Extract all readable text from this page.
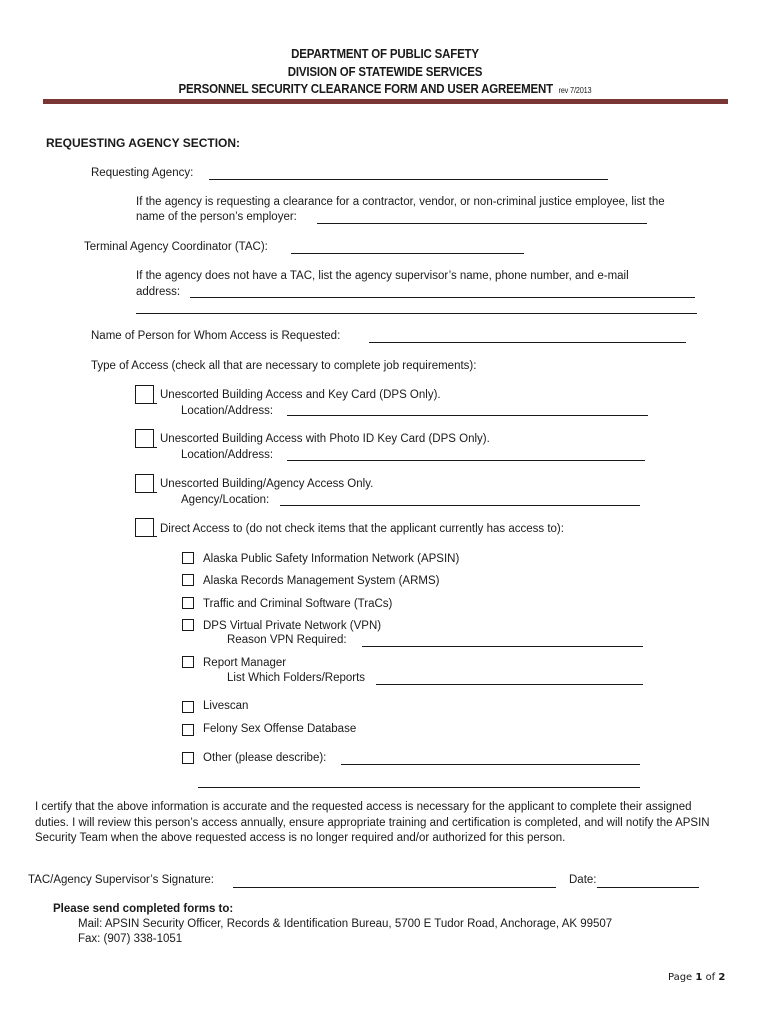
DEPARTMENT OF PUBLIC SAFETY
DIVISION OF STATEWIDE SERVICES
PERSONNEL SECURITY CLEARANCE FORM AND USER AGREEMENT rev 7/2013
REQUESTING AGENCY SECTION:
Requesting Agency:
If the agency is requesting a clearance for a contractor, vendor, or non-criminal justice employee, list the
name of the person’s employer:
Terminal Agency Coordinator (TAC):
If the agency does not have a TAC, list the agency supervisor’s name, phone number, and e-mail
address:
Name of Person for Whom Access is Requested:
Type of Access (check all that are necessary to complete job requirements):
Unescorted Building Access and Key Card (DPS Only).
Location/Address:
Unescorted Building Access with Photo ID Key Card (DPS Only).
Location/Address:
Unescorted Building/Agency Access Only.
Agency/Location:
Direct Access to (do not check items that the applicant currently has access to):
Alaska Public Safety Information Network (APSIN)
Alaska Records Management System (ARMS)
Traffic and Criminal Software (TraCs)
DPS Virtual Private Network (VPN)
Reason VPN Required:
Report Manager
List Which Folders/Reports
Livescan
Felony Sex Offense Database
Other (please describe):
I certify that the above information is accurate and the requested access is necessary for the applicant to complete their assigned duties. I will review this person’s access annually, ensure appropriate training and certification is completed, and will notify the APSIN Security Team when the above requested access is no longer required and/or authorized for this person.
TAC/Agency Supervisor’s Signature:	Date:
Please send completed forms to:
Mail: APSIN Security Officer, Records & Identification Bureau, 5700 E Tudor Road, Anchorage, AK 99507
Fax: (907) 338-1051
Page 1 of 2
